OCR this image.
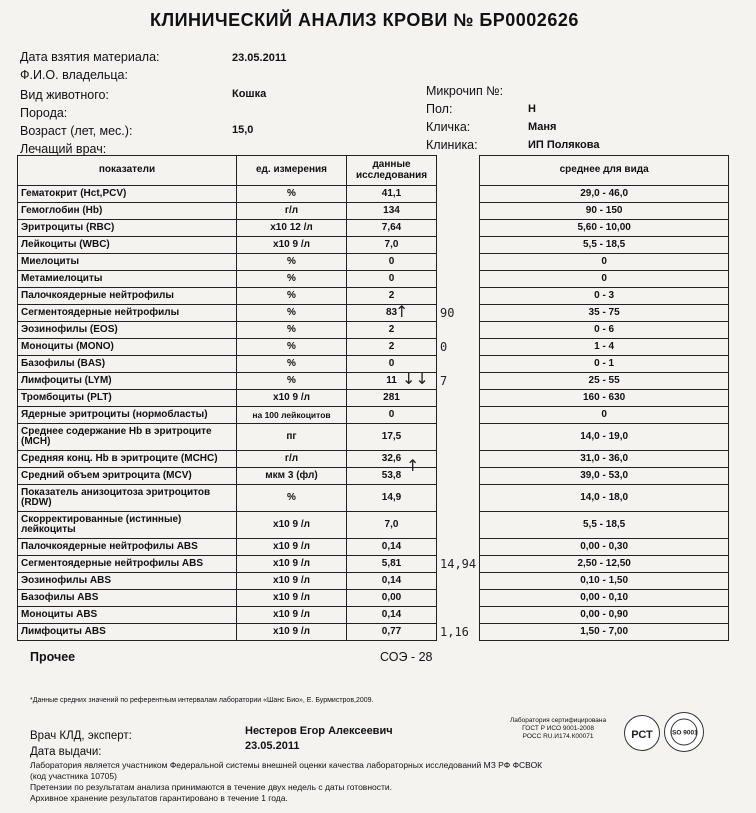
КЛИНИЧЕСКИЙ АНАЛИЗ КРОВИ № БР0002626
Дата взятия материала:	23.05.2011
Ф.И.О. владельца:
Вид животного:	Кошка
Порода:
Возраст (лет, мес.):	15,0
Лечащий врач:
Микрочип №:
Пол:	Н
Кличка:	Маня
Клиника:	ИП Полякова
показатели	ед. измерения	данные исследования		среднее для вида
Гематокрит (Hct,PCV)	%	41,1		29,0 - 46,0
Гемоглобин (Hb)	г/л	134		90 - 150
Эритроциты (RBC)	х10 12 /л	7,64		5,60 - 10,00
Лейкоциты (WBC)	х10 9 /л	7,0		5,5 - 18,5
Миелоциты	%	0		0
Метамиелоциты	%	0		0
Палочкоядерные нейтрофилы	%	2		0 - 3
Сегментоядерные нейтрофилы	%	83	90	35 - 75
Эозинофилы (EOS)	%	2		0 - 6
Моноциты (MONO)	%	2	0	1 - 4
Базофилы (BAS)	%	0		0 - 1
Лимфоциты (LYM)	%	11	7	25 - 55
Тромбоциты (PLT)	х10 9 /л	281		160 - 630
Ядерные эритроциты (нормобласты)	на 100 лейкоцитов	0		0
Среднее содержание Hb в эритроците (МСН)	пг	17,5		14,0 - 19,0
Средняя конц. Hb в эритроците (МСНС)	г/л	32,6		31,0 - 36,0
Средний объем эритроцита (MCV)	мкм 3 (фл)	53,8		39,0 - 53,0
Показатель анизоцитоза эритроцитов (RDW)	%	14,9		14,0 - 18,0
Скорректированные (истинные) лейкоциты	х10 9 /л	7,0		5,5 - 18,5
Палочкоядерные нейтрофилы ABS	х10 9 /л	0,14		0,00 - 0,30
Сегментоядерные нейтрофилы ABS	х10 9 /л	5,81	14,94	2,50 - 12,50
Эозинофилы ABS	х10 9 /л	0,14		0,10 - 1,50
Базофилы ABS	х10 9 /л	0,00		0,00 - 0,10
Моноциты ABS	х10 9 /л	0,14		0,00 - 0,90
Лимфоциты ABS	х10 9 /л	0,77	1,16	1,50 - 7,00
↑
↓↓
↑
Прочее	СОЭ - 28
*Данные средних значений по референтным интервалам лаборатории «Шанс Био», Е. Бурмистров,2009.
Врач КЛД, эксперт:	Нестеров Егор Алексеевич
Дата выдачи:	23.05.2011
Лаборатория является участником Федеральной системы внешней оценки качества лабораторных исследований МЗ РФ ФСВОК
(код участника 10705)
Претензии по результатам анализа принимаются в течение двух недель с даты готовности.
Архивное хранение результатов гарантировано в течение 1 года.
Лаборатория сертифицирована
ГОСТ Р ИСО 9001-2008
РОСС RU.И174.К00071	РСТ	ISO 9001
